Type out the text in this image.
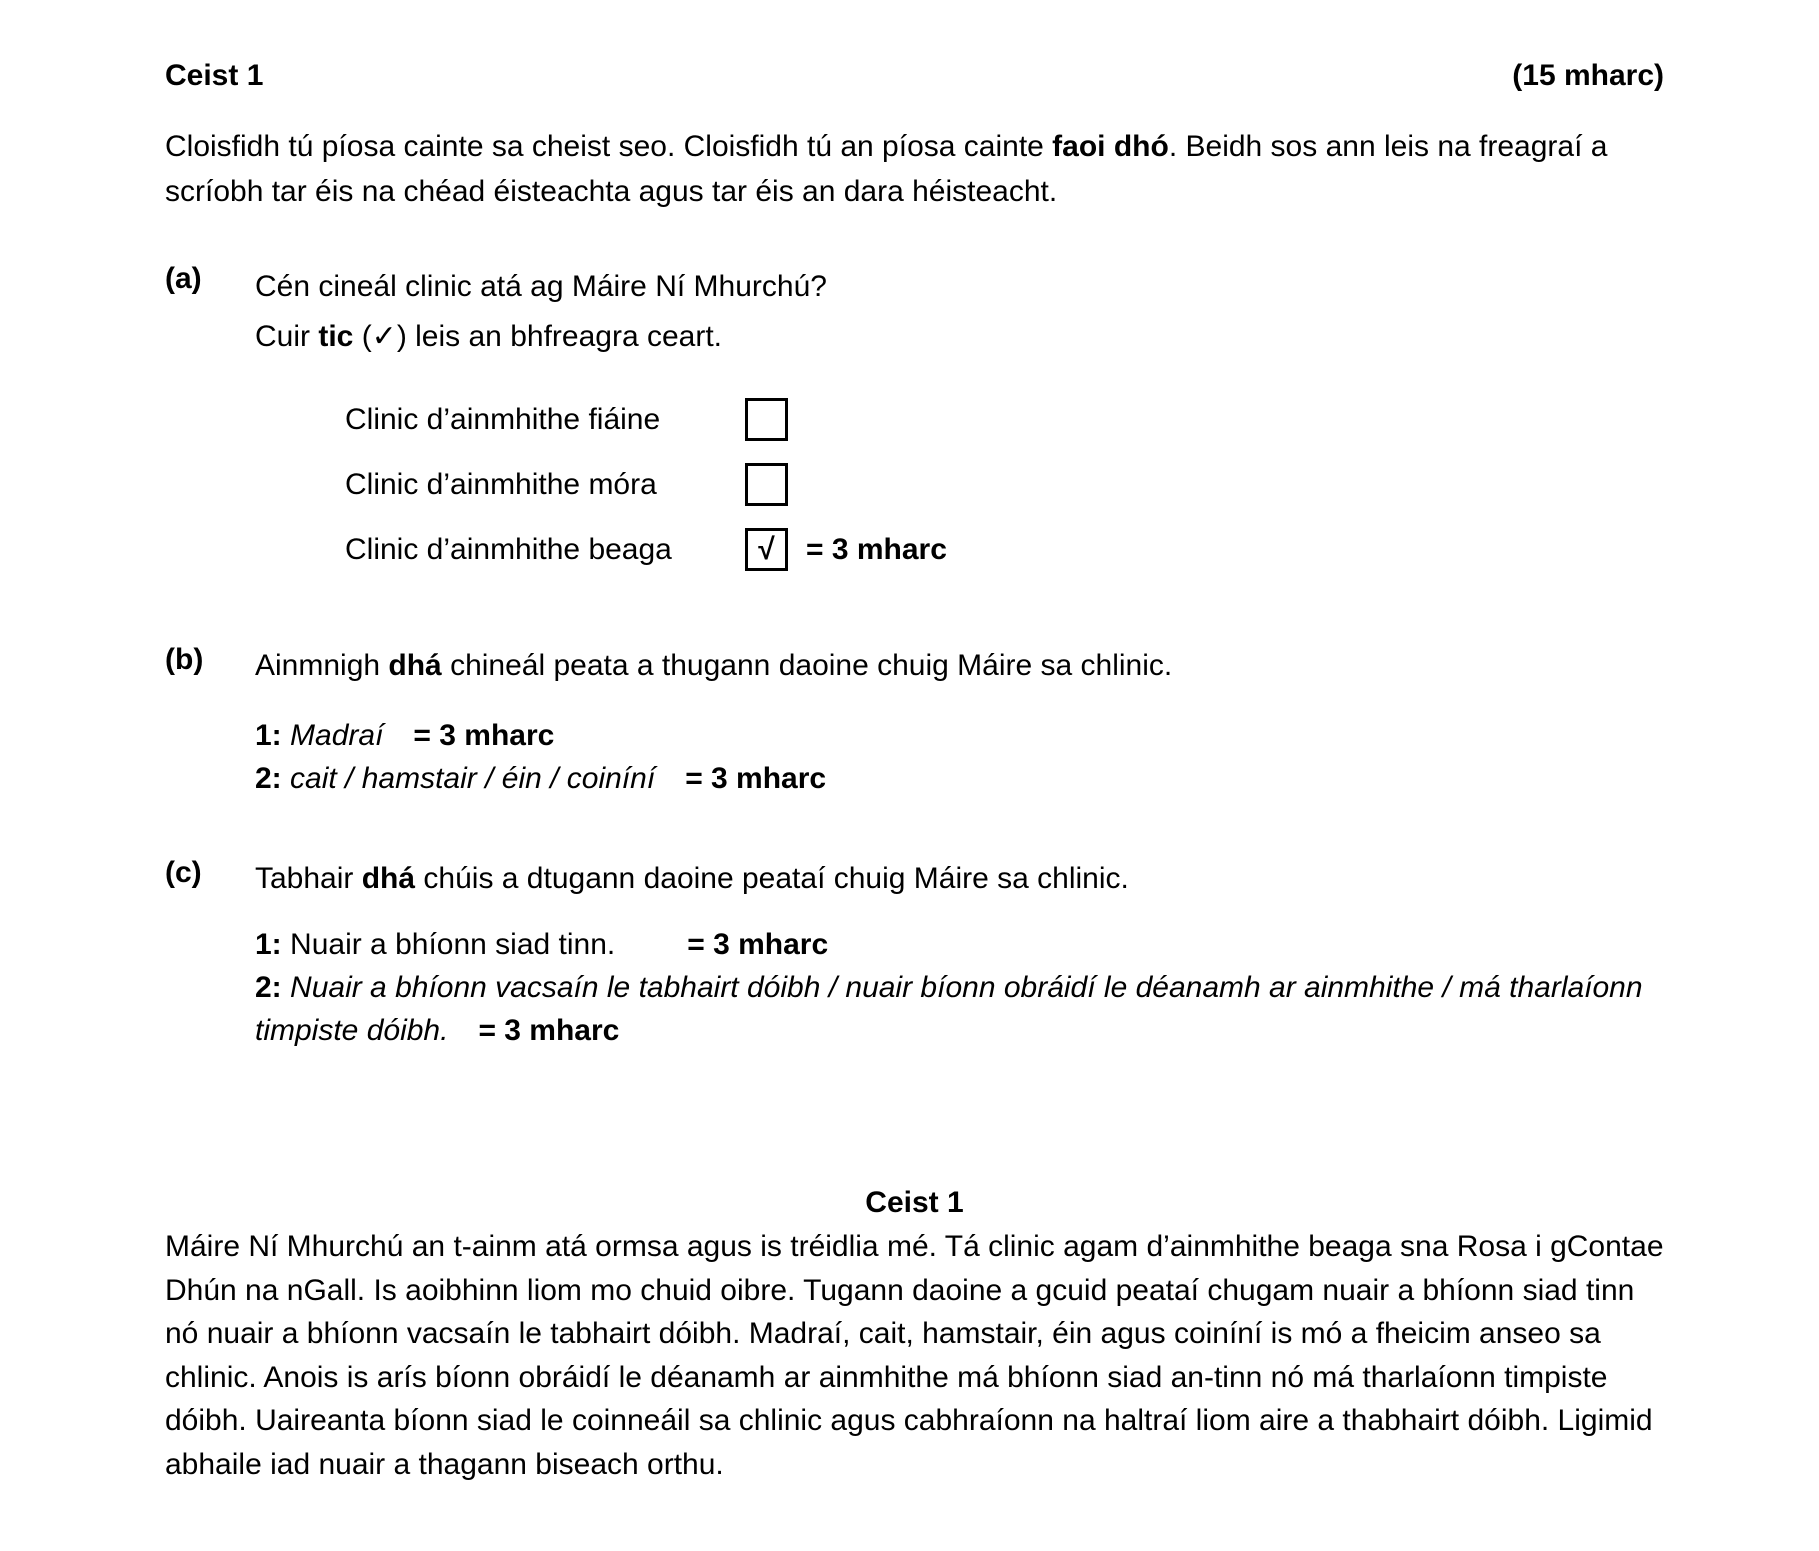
Ceist 1	(15 mharc)

Cloisfidh tú píosa cainte sa cheist seo. Cloisfidh tú an píosa cainte faoi dhó. Beidh sos ann leis na freagraí a scríobh tar éis na chéad éisteachta agus tar éis an dara héisteacht.

(a)	Cén cineál clinic atá ag Máire Ní Mhurchú?
Cuir tic (✓) leis an bhfreagra ceart.
Clinic d’ainmhithe fiáine
Clinic d’ainmhithe móra
Clinic d’ainmhithe beaga	√ = 3 mharc
(b)	Ainmnigh dhá chineál peata a thugann daoine chuig Máire sa chlinic.
1: Madraí = 3 mharc
2: cait / hamstair / éin / coiníní = 3 mharc
(c)	Tabhair dhá chúis a dtugann daoine peataí chuig Máire sa chlinic.
1: Nuair a bhíonn siad tinn. = 3 mharc
2: Nuair a bhíonn vacsaín le tabhairt dóibh / nuair bíonn obráidí le déanamh ar ainmhithe / má tharlaíonn timpiste dóibh. = 3 mharc
Ceist 1

Máire Ní Mhurchú an t-ainm atá ormsa agus is tréidlia mé. Tá clinic agam d’ainmhithe beaga sna Rosa i gContae Dhún na nGall. Is aoibhinn liom mo chuid oibre. Tugann daoine a gcuid peataí chugam nuair a bhíonn siad tinn nó nuair a bhíonn vacsaín le tabhairt dóibh. Madraí, cait, hamstair, éin agus coiníní is mó a fheicim anseo sa chlinic. Anois is arís bíonn obráidí le déanamh ar ainmhithe má bhíonn siad an-tinn nó má tharlaíonn timpiste dóibh. Uaireanta bíonn siad le coinneáil sa chlinic agus cabhraíonn na haltraí liom aire a thabhairt dóibh. Ligimid abhaile iad nuair a thagann biseach orthu.
